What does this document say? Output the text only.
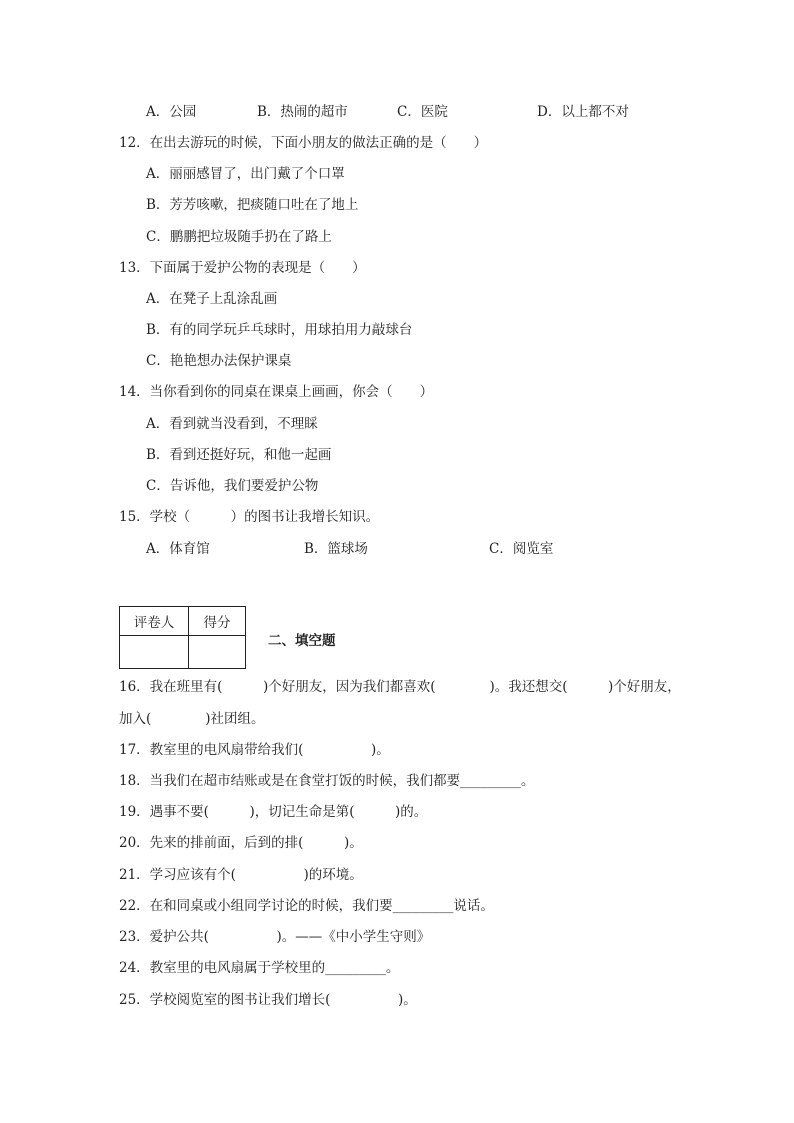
A．公园	B．热闹的超市	C．医院	D．以上都不对
12．在出去游玩的时候，下面小朋友的做法正确的是（　　）
A．丽丽感冒了，出门戴了个口罩
B．芳芳咳嗽，把痰随口吐在了地上
C．鹏鹏把垃圾随手扔在了路上
13．下面属于爱护公物的表现是（　　）
A．在凳子上乱涂乱画
B．有的同学玩乒乓球时，用球拍用力敲球台
C．艳艳想办法保护课桌
14．当你看到你的同桌在课桌上画画，你会（　　）
A．看到就当没看到，不理睬
B．看到还挺好玩，和他一起画
C．告诉他，我们要爱护公物
15．学校（　　　）的图书让我增长知识。
A．体育馆	B．篮球场	C．阅览室
评卷人	得分

二、填空题
16．我在班里有(　　　)个好朋友，因为我们都喜欢(　　　　)。我还想交(　　　)个好朋友，
加入(　　　　)社团组。
17．教室里的电风扇带给我们(　　　　　)。
18．当我们在超市结账或是在食堂打饭的时候，我们都要_________。
19．遇事不要(　　　)，切记生命是第(　　　)的。
20．先来的排前面，后到的排(　　　)。
21．学习应该有个(　　　　　)的环境。
22．在和同桌或小组同学讨论的时候，我们要_________说话。
23．爱护公共(　　　　　)。——《中小学生守则》
24．教室里的电风扇属于学校里的_________。
25．学校阅览室的图书让我们增长(　　　　　)。
